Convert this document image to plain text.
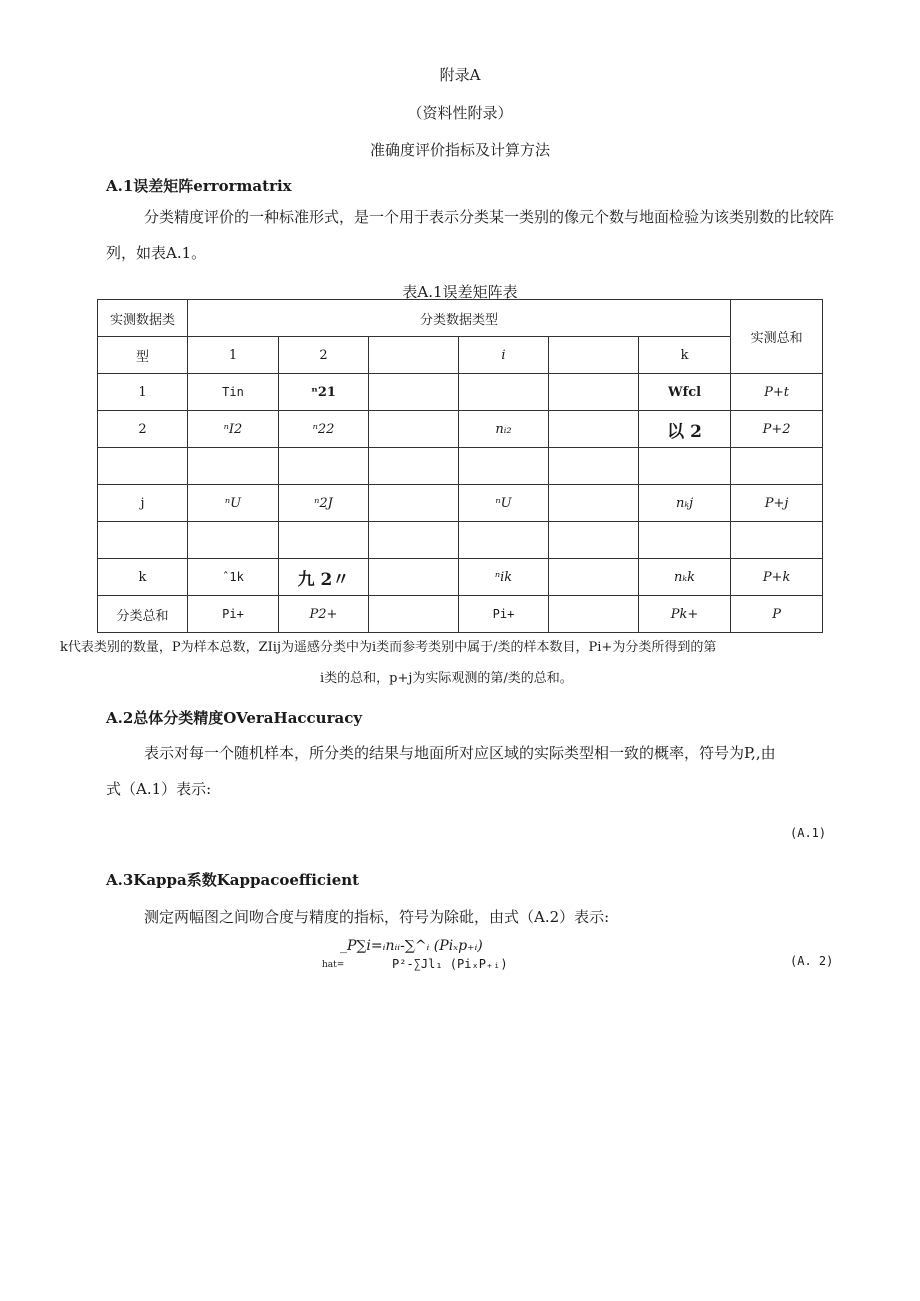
附录A
（资料性附录）
准确度评价指标及计算方法
A.1误差矩阵errormatrix
分类精度评价的一种标准形式，是一个用于表示分类某一类别的像元个数与地面检验为该类别数的比较阵
列，如表A.1。
表A.1误差矩阵表
实测数据类	分类数据类型						实测总和
型	1	2		i		k	
1	Tin	ⁿ21				Wfcl	P+t
2	ⁿI2	ⁿ22		nᵢ₂		以 2	P+2

j	ⁿU	ⁿ2J		ⁿU		nₖj	P+j

k	ˆ1k	九 2〃		ⁿik		nₖk	P+k
分类总和	Pi+	P2+		Pi+		Pk+	P
k代表类别的数量，P为样本总数，ZIij为遥感分类中为i类而参考类别中属于/类的样本数目，Pi+为分类所得到的第
i类的总和，p+j为实际观测的第/类的总和。
A.2总体分类精度OVeraHaccuracy
表示对每一个随机样本，所分类的结果与地面所对应区域的实际类型相一致的概率，符号为P,,由
式（A.1）表示:
(A.1)
A.3Kappa系数Kappacoefficient
测定两幅图之间吻合度与精度的指标，符号为除砒，由式（A.2）表示:
_P∑i=ᵢnᵢᵢ-∑^ᵢ (Piₓp₊ᵢ)
hat=	P²-∑Jl₁ (PiₓP₊ᵢ)	(A. 2)
